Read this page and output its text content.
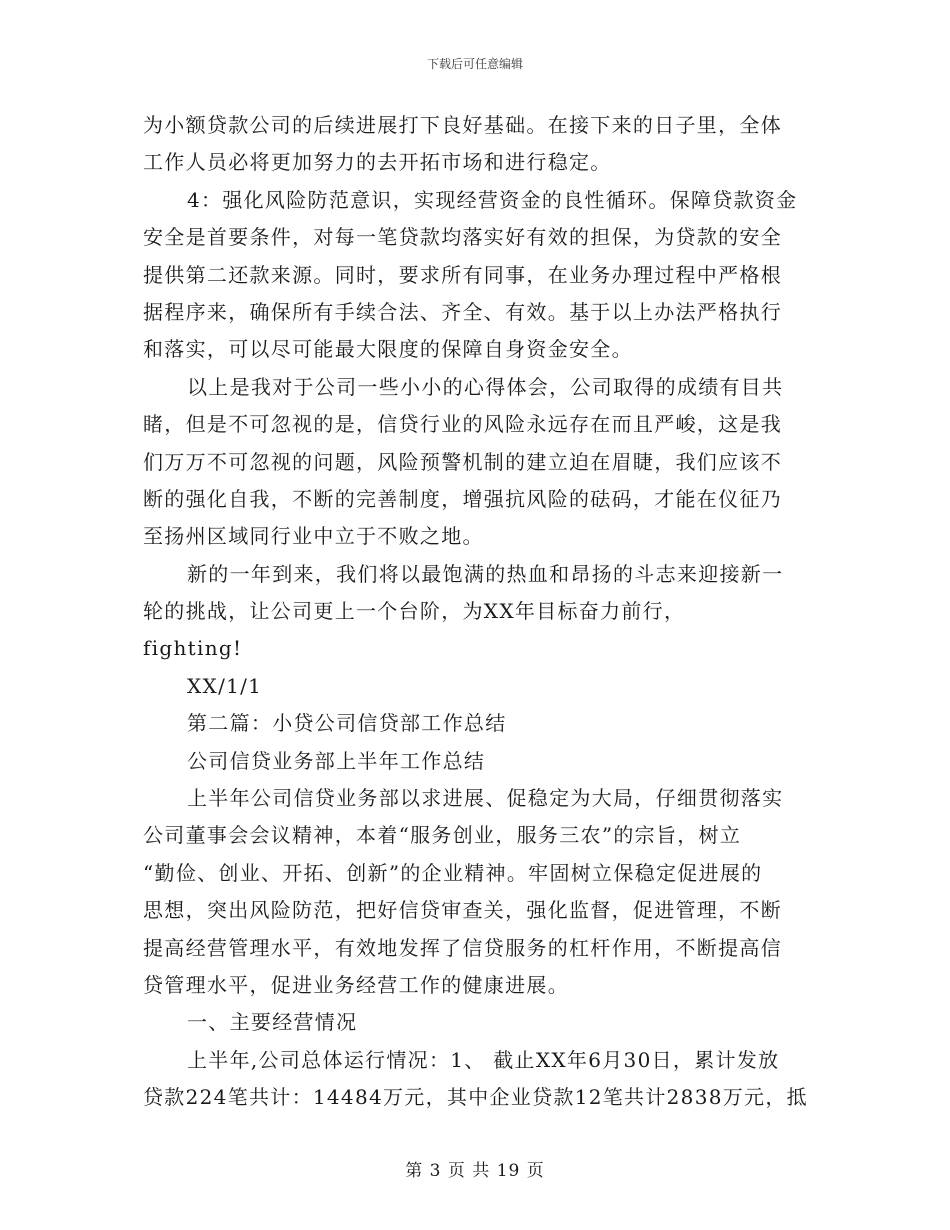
下载后可任意编辑
为小额贷款公司的后续进展打下良好基础。在接下来的日子里，全体
工作人员必将更加努力的去开拓市场和进行稳定。
4：强化风险防范意识，实现经营资金的良性循环。保障贷款资金
安全是首要条件，对每一笔贷款均落实好有效的担保，为贷款的安全
提供第二还款来源。同时，要求所有同事，在业务办理过程中严格根
据程序来，确保所有手续合法、齐全、有效。基于以上办法严格执行
和落实，可以尽可能最大限度的保障自身资金安全。
以上是我对于公司一些小小的心得体会，公司取得的成绩有目共
睹，但是不可忽视的是，信贷行业的风险永远存在而且严峻，这是我
们万万不可忽视的问题，风险预警机制的建立迫在眉睫，我们应该不
断的强化自我，不断的完善制度，增强抗风险的砝码，才能在仪征乃
至扬州区域同行业中立于不败之地。
新的一年到来，我们将以最饱满的热血和昂扬的斗志来迎接新一
轮的挑战，让公司更上一个台阶，为XX年目标奋力前行，
fighting!
XX/1/1
第二篇：小贷公司信贷部工作总结
公司信贷业务部上半年工作总结
上半年公司信贷业务部以求进展、促稳定为大局，仔细贯彻落实
公司董事会会议精神，本着“服务创业，服务三农”的宗旨，树立
“勤俭、创业、开拓、创新”的企业精神。牢固树立保稳定促进展的
思想，突出风险防范，把好信贷审查关，强化监督，促进管理，不断
提高经营管理水平，有效地发挥了信贷服务的杠杆作用，不断提高信
贷管理水平，促进业务经营工作的健康进展。
一、主要经营情况
上半年,公司总体运行情况：1、 截止XX年6月30日，累计发放
贷款224笔共计：14484万元，其中企业贷款12笔共计2838万元，抵
第 3 页 共 19 页
